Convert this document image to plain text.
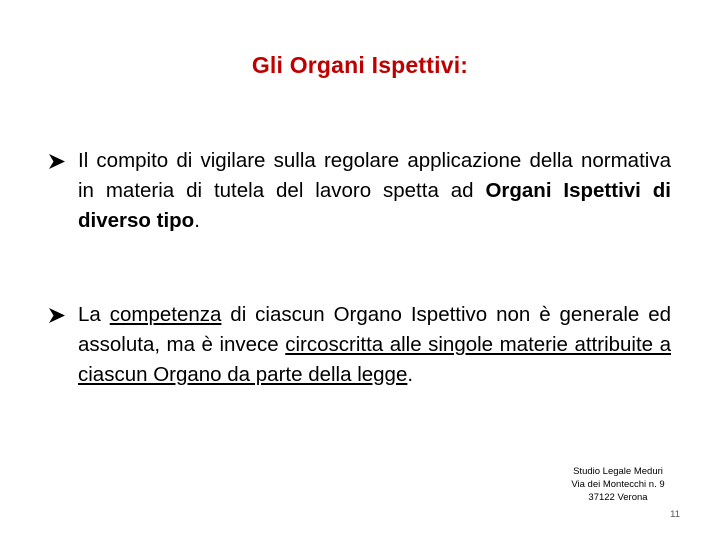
Gli Organi Ispettivi:
Il compito di vigilare sulla regolare applicazione della normativa in materia di tutela del lavoro spetta ad Organi Ispettivi di diverso tipo.
La competenza di ciascun Organo Ispettivo non è generale ed assoluta, ma è invece circoscritta alle singole materie attribuite a ciascun Organo da parte della legge.
Studio Legale Meduri
Via dei Montecchi n. 9
37122 Verona
11
